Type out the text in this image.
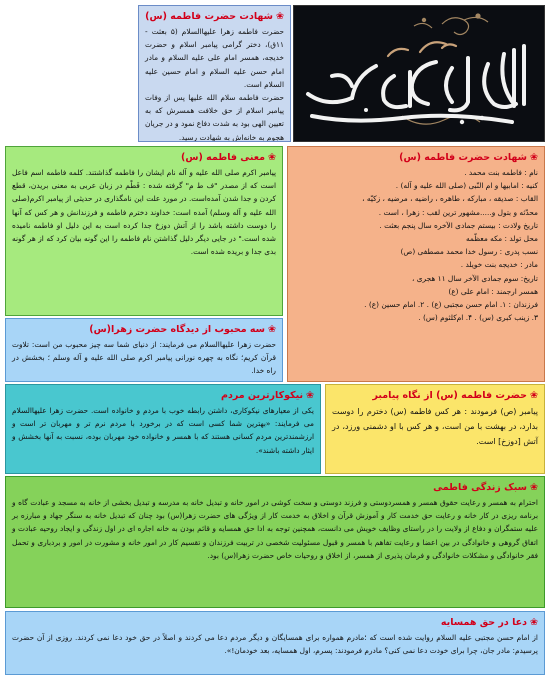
❀شهادت حضرت فاطمه (س)
حضرت فاطمه زهرا علیهاالسلام (۵ بعثت - ۱۱ق)، دختر گرامی پیامبر اسلام و حضرت خدیجه، همسر امام علی علیه السلام و مادر امام حسن علیه السلام و امام حسین علیه السلام است.
حضرت فاطمه سلام الله علیها پس از وفات پیامبر اسلام از حق خلافت همسرش که به تعیین الهی بود به شدت دفاع نمود و در جریان هجوم به خانه‌اش به شهادت رسید.
❀معنی فاطمه (س)
پیامبر اکرم صلی الله علیه و آله نام ایشان را فاطمه گذاشتند. کلمه فاطمه اسم فاعل است که از مصدر "ف ط م" گرفته شده : فَطْم در زبان عربی به معنی بریدن، قطع کردن و جدا شدن آمده‌است. در مورد علت این نامگذاری در حدیثی از پیامبر اکرم(صلی الله علیه و آله وسلم) آمده است: خداوند دخترم فاطمه و فرزندانش و هر کس که آنها را دوست داشته باشد را از آتش دوزخ جدا کرده است به این دلیل او فاطمه نامیده شده است." در جایی دیگر دلیل گذاشتن نام فاطمه را این گونه بیان کرد که از هر گونه بدی جدا و بریده شده است.
❀شهادت حضرت فاطمه (س)
نام : فاطمه بنت محمد .
کنیه : امابیها و ام النّبی (صلی الله علیه و آله) .
القاب : صدیقه ، مبارکه ، طاهره ، راضیه ، مرضیه ، زکیّه ،
محدّثه و بتول و.....مشهور ترین لقب : زهرا ، است .
تاریخ ولادت : بیستم جمادی الآخره سال پنجم بعثت .
محل تولد : مکه معظّمه
نسب پدری : رسول خدا محمد مصطفی (ص)
مادر : خدیجه بنت خویلد .
تاریخ: سوم جمادی الآخر سال ۱۱ هجری ،
همسر ارجمند : امام علی (ع)
فرزندان : ۱. امام حسن مجتبی (ع) . ۲. امام حسین (ع) .
۳. زینب کبری (س) . ۴. ام‌کلثوم (س) .
❀سه محبوب از دیدگاه حضرت زهرا(س)
حضرت زهرا علیهاالسلام می فرمایند: از دنیای شما سه چیز محبوب من است: تلاوت قرآن کریم؛ نگاه به چهره نورانی پیامبر اکرم صلی الله علیه و آله وسلم ؛ بخشش در راه خدا.
❀نیکوکارترین مردم
یکی از معیارهای نیکوکاری، داشتن رابطه خوب با مردم و خانواده است. حضرت زهرا علیهاالسلام می فرمایند: «بهترین شما کسی است که در برخورد با مردم نرم تر و مهربان تر است و ارزشمندترین مردم کسانی هستند که با همسر و خانواده خود مهربان بوده، نسبت به آنها بخشش و ایثار داشته باشند».
❀حضرت فاطمه (س) از نگاه پیامبر
پیامبر (ص) فرمودند : هر کس فاطمه (س) دخترم را دوست بدارد، در بهشت با من است، و هر کس با او دشمنی ورزد، در آتش [دوزخ] است.
❀سبک زندگی فاطمی
احترام به همسر و رعایت حقوق همسر و همسردوستی و فرزند دوستی و سخت کوشی در امور خانه و تبدیل خانه به مدرسه و تبدیل بخشی از خانه به مسجد و عبادت گاه و برنامه ریزی در کار خانه و رعایت حق خدمت کار و آموزش قرآن و اخلاق به خدمت کار از ویژگی های حضرت زهرا(س) بود چنان که تبدیل خانه به سنگر جهاد و مبارزه بر علیه ستمگران و دفاع از ولایت را در راستای وظایف خویش می دانست، همچنین توجه به ادا حق همسایه و قائم بودن به خانه اجاره ای در اول زندگی و ایجاد روحیه عبادت و اتفاق گروهی و خانوادگی در بین اعضا و رعایت تفاهم با همسر و قبول مسئولیت شخصی در تربیت فرزندان و تقسیم کار در امور خانه و مشورت در امور و بردباری و تحمل فقر خانوادگی و مشکلات خانوادگی و فرمان پذیری از همسر، از اخلاق و روحیات خاص حضرت زهرا(س) بود.
❀دعا در حق همسایه
از امام حسن مجتبی علیه السلام روایت شده است که ؛مادرم همواره برای همسایگان و دیگر مردم دعا می کردند و اصلاً در حق خود دعا نمی کردند. روزی از آن حضرت پرسیدم: مادر جان، چرا برای خودت دعا نمی کنی؟ مادرم فرمودند: پسرم، اول همسایه، بعد خودمان!».
